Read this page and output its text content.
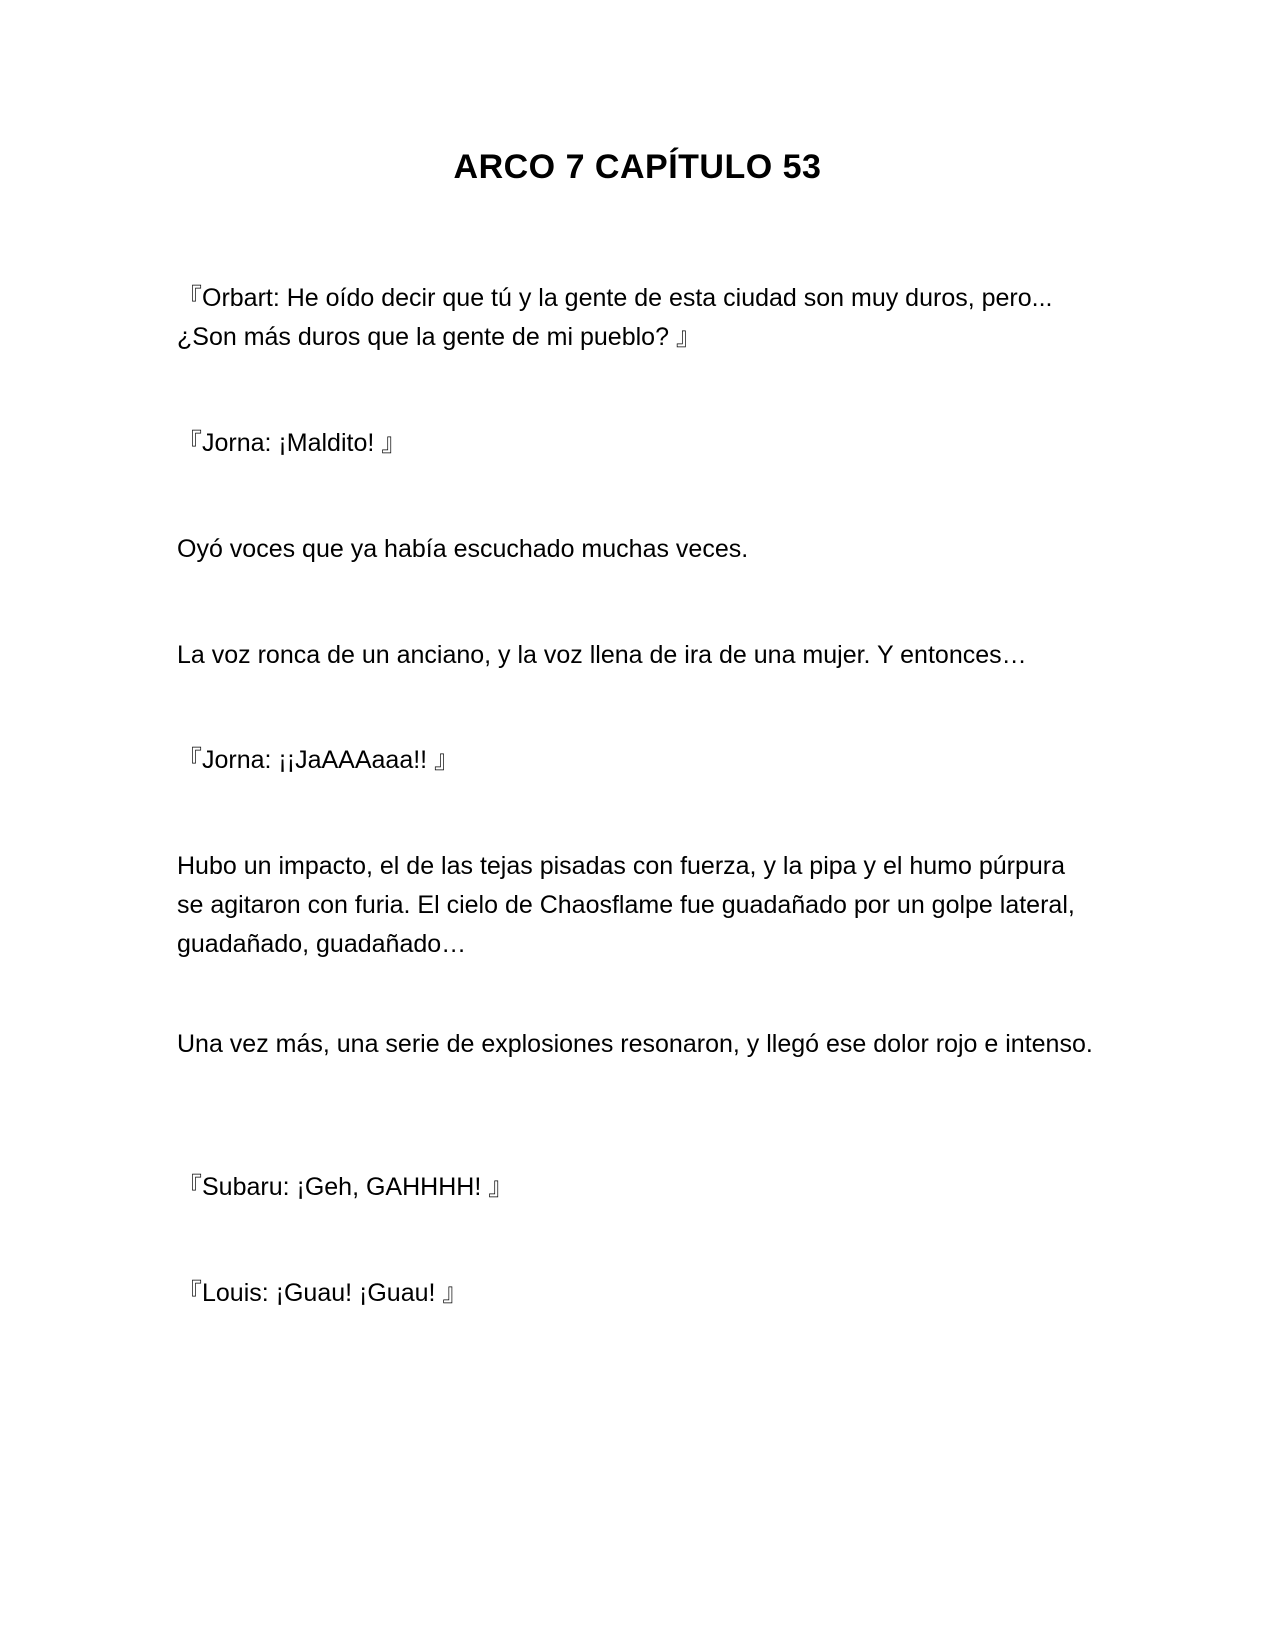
ARCO 7 CAPÍTULO 53

『Orbart: He oído decir que tú y la gente de esta ciudad son muy duros, pero... ¿Son más duros que la gente de mi pueblo? 』

『Jorna: ¡Maldito! 』

Oyó voces que ya había escuchado muchas veces.

La voz ronca de un anciano, y la voz llena de ira de una mujer. Y entonces…

『Jorna: ¡¡JaAAAaaa!! 』

Hubo un impacto, el de las tejas pisadas con fuerza, y la pipa y el humo púrpura se agitaron con furia. El cielo de Chaosflame fue guadañado por un golpe lateral, guadañado, guadañado…

Una vez más, una serie de explosiones resonaron, y llegó ese dolor rojo e intenso.

『Subaru: ¡Geh, GAHHHH! 』

『Louis: ¡Guau! ¡Guau! 』
